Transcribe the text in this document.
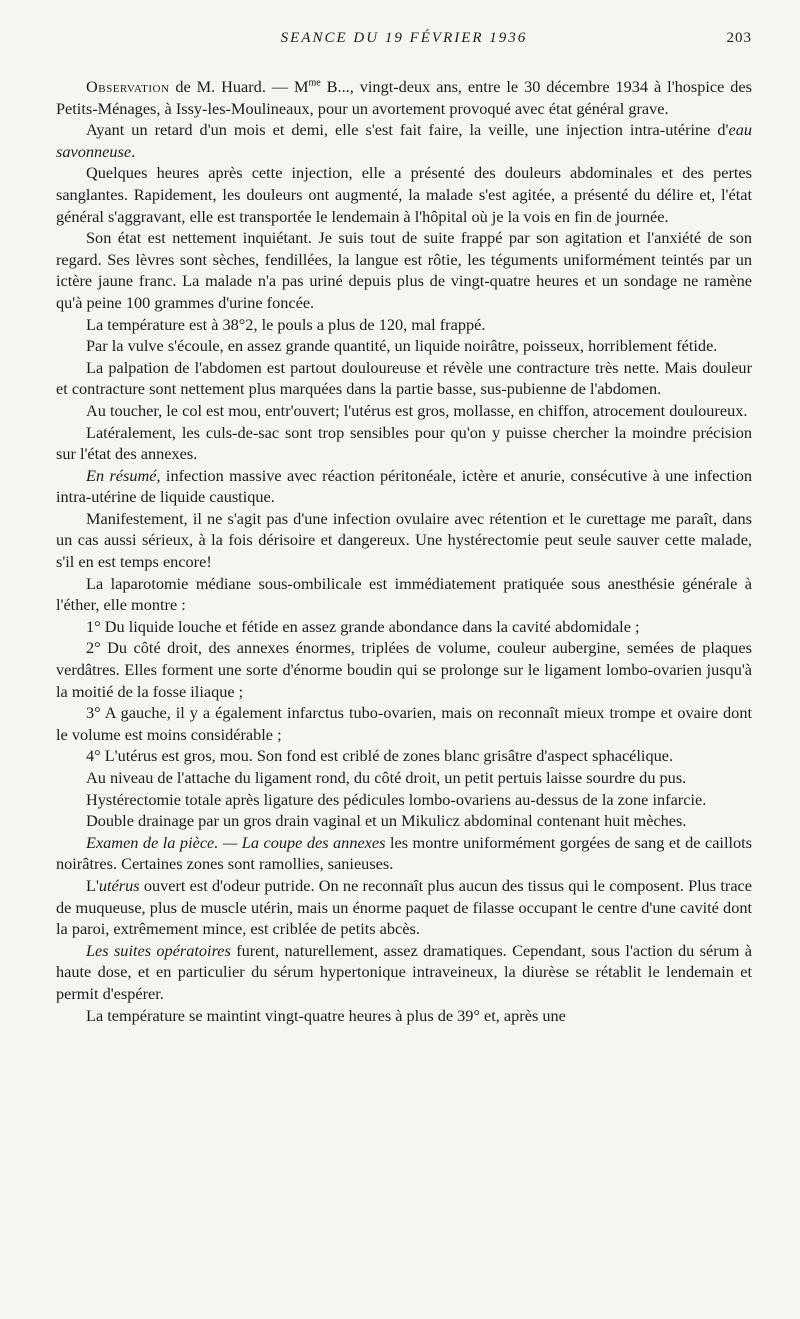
SEANCE DU 19 FÉVRIER 1936	203

Observation de M. Huard. — $M^{me}$ B..., vingt-deux ans, entre le 30 décembre 1934 à l'hospice des Petits-Ménages, à Issy-les-Moulineaux, pour un avortement provoqué avec état général grave.

Ayant un retard d'un mois et demi, elle s'est fait faire, la veille, une injection intra-utérine d'eau savonneuse.

Quelques heures après cette injection, elle a présenté des douleurs abdominales et des pertes sanglantes. Rapidement, les douleurs ont augmenté, la malade s'est agitée, a présenté du délire et, l'état général s'aggravant, elle est transportée le lendemain à l'hôpital où je la vois en fin de journée.

Son état est nettement inquiétant. Je suis tout de suite frappé par son agitation et l'anxiété de son regard. Ses lèvres sont sèches, fendillées, la langue est rôtie, les téguments uniformément teintés par un ictère jaune franc. La malade n'a pas uriné depuis plus de vingt-quatre heures et un sondage ne ramène qu'à peine 100 grammes d'urine foncée.

La température est à 38°2, le pouls a plus de 120, mal frappé.

Par la vulve s'écoule, en assez grande quantité, un liquide noirâtre, poisseux, horriblement fétide.

La palpation de l'abdomen est partout douloureuse et révèle une contracture très nette. Mais douleur et contracture sont nettement plus marquées dans la partie basse, sus-pubienne de l'abdomen.

Au toucher, le col est mou, entr'ouvert; l'utérus est gros, mollasse, en chiffon, atrocement douloureux.

Latéralement, les culs-de-sac sont trop sensibles pour qu'on y puisse chercher la moindre précision sur l'état des annexes.

En résumé, infection massive avec réaction péritonéale, ictère et anurie, consécutive à une infection intra-utérine de liquide caustique.

Manifestement, il ne s'agit pas d'une infection ovulaire avec rétention et le curettage me paraît, dans un cas aussi sérieux, à la fois dérisoire et dangereux. Une hystérectomie peut seule sauver cette malade, s'il en est temps encore!

La laparotomie médiane sous-ombilicale est immédiatement pratiquée sous anesthésie générale à l'éther, elle montre :

1° Du liquide louche et fétide en assez grande abondance dans la cavité abdomidale ;

2° Du côté droit, des annexes énormes, triplées de volume, couleur aubergine, semées de plaques verdâtres. Elles forment une sorte d'énorme boudin qui se prolonge sur le ligament lombo-ovarien jusqu'à la moitié de la fosse iliaque ;

3° A gauche, il y a également infarctus tubo-ovarien, mais on reconnaît mieux trompe et ovaire dont le volume est moins considérable ;

4° L'utérus est gros, mou. Son fond est criblé de zones blanc grisâtre d'aspect sphacélique.

Au niveau de l'attache du ligament rond, du côté droit, un petit pertuis laisse sourdre du pus.

Hystérectomie totale après ligature des pédicules lombo-ovariens au-dessus de la zone infarcie.

Double drainage par un gros drain vaginal et un Mikulicz abdominal contenant huit mèches.

Examen de la pièce. — La coupe des annexes les montre uniformément gorgées de sang et de caillots noirâtres. Certaines zones sont ramollies, sanieuses.

L'utérus ouvert est d'odeur putride. On ne reconnaît plus aucun des tissus qui le composent. Plus trace de muqueuse, plus de muscle utérin, mais un énorme paquet de filasse occupant le centre d'une cavité dont la paroi, extrêmement mince, est criblée de petits abcès.

Les suites opératoires furent, naturellement, assez dramatiques. Cependant, sous l'action du sérum à haute dose, et en particulier du sérum hypertonique intraveineux, la diurèse se rétablit le lendemain et permit d'espérer.

La température se maintint vingt-quatre heures à plus de 39° et, après une
